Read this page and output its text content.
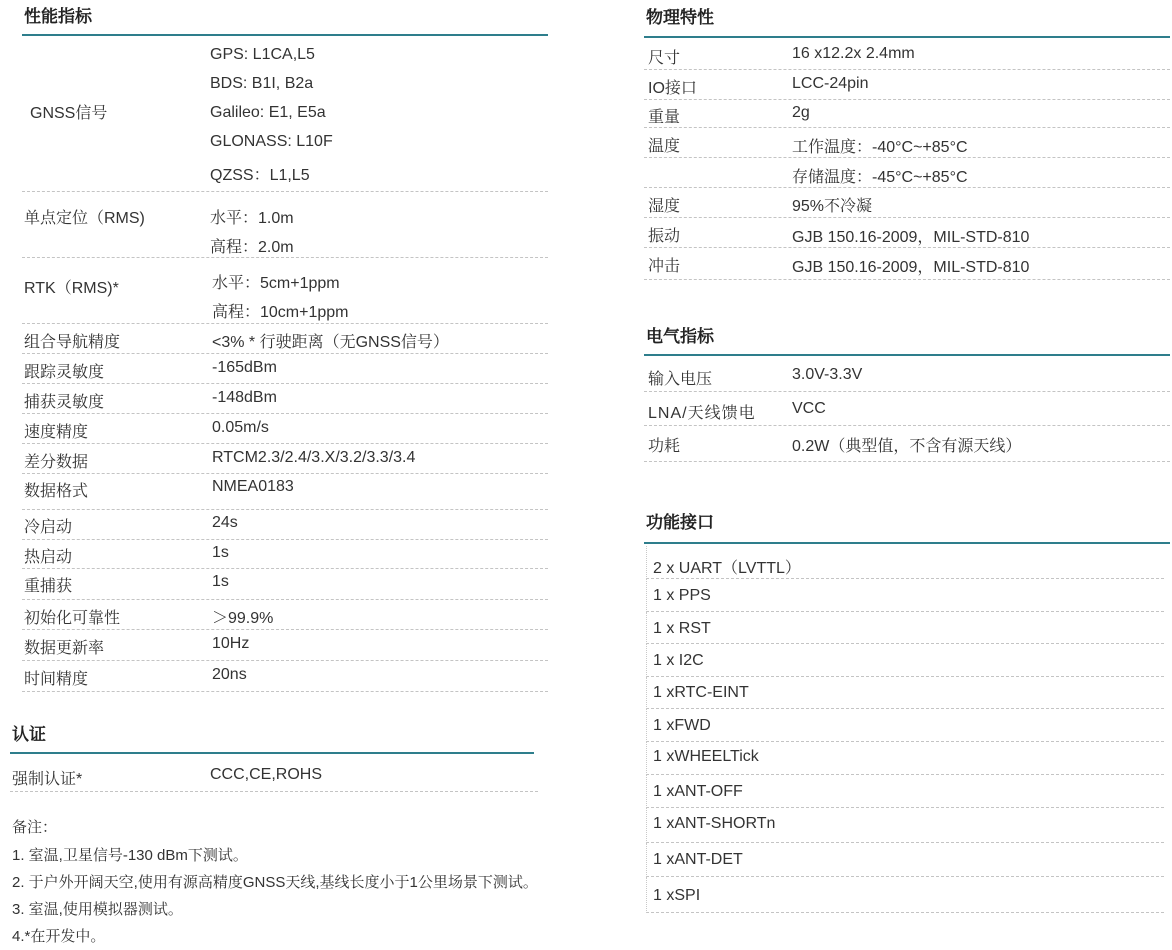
性能指标
GNSS信号
GPS: L1CA,L5
BDS: B1I, B2a
Galileo: E1, E5a
GLONASS: L10F
QZSS：L1,L5
单点定位（RMS)	水平：1.0m
高程：2.0m
RTK（RMS)*	水平：5cm+1ppm
高程：10cm+1ppm
组合导航精度	<3% * 行驶距离（无GNSS信号）
跟踪灵敏度	-165dBm
捕获灵敏度	-148dBm
速度精度	0.05m/s
差分数据	RTCM2.3/2.4/3.X/3.2/3.3/3.4
数据格式	NMEA0183
冷启动	24s
热启动	1s
重捕获	1s
初始化可靠性	＞99.9%
数据更新率	10Hz
时间精度	20ns
认证
强制认证*	CCC,CE,ROHS
备注：
1. 室温,卫星信号-130 dBm下测试。
2. 于户外开阔天空,使用有源高精度GNSS天线,基线长度小于1公里场景下测试。
3. 室温,使用模拟器测试。
4.*在开发中。
物理特性
尺寸	16 x12.2x 2.4mm
IO接口	LCC-24pin
重量	2g
温度	工作温度：-40°C~+85°C
存储温度：-45°C~+85°C
湿度	95%不冷凝
振动	GJB 150.16-2009，MIL-STD-810
冲击	GJB 150.16-2009，MIL-STD-810
电气指标
输入电压	3.0V-3.3V
LNA/天线馈电 VCC
功耗	0.2W（典型值，不含有源天线）
功能接口
2 x UART（LVTTL）
1 x PPS
1 x RST
1 x I2C
1 xRTC-EINT
1 xFWD
1 xWHEELTick
1 xANT-OFF
1 xANT-SHORTn
1 xANT-DET
1 xSPI
